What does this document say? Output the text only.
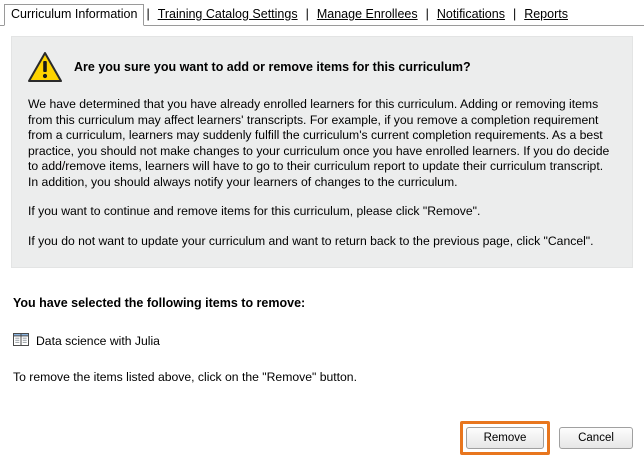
Curriculum Information | Training Catalog Settings | Manage Enrollees | Notifications | Reports
Are you sure you want to add or remove items for this curriculum?

We have determined that you have already enrolled learners for this curriculum. Adding or removing items from this curriculum may affect learners' transcripts. For example, if you remove a completion requirement from a curriculum, learners may suddenly fulfill the curriculum's current completion requirements. As a best practice, you should not make changes to your curriculum once you have enrolled learners. If you do decide to add/remove items, learners will have to go to their curriculum report to update their curriculum transcript. In addition, you should always notify your learners of changes to the curriculum.

If you want to continue and remove items for this curriculum, please click "Remove".

If you do not want to update your curriculum and want to return back to the previous page, click "Cancel".

You have selected the following items to remove:
Data science with Julia
To remove the items listed above, click on the "Remove" button.
Remove	Cancel
